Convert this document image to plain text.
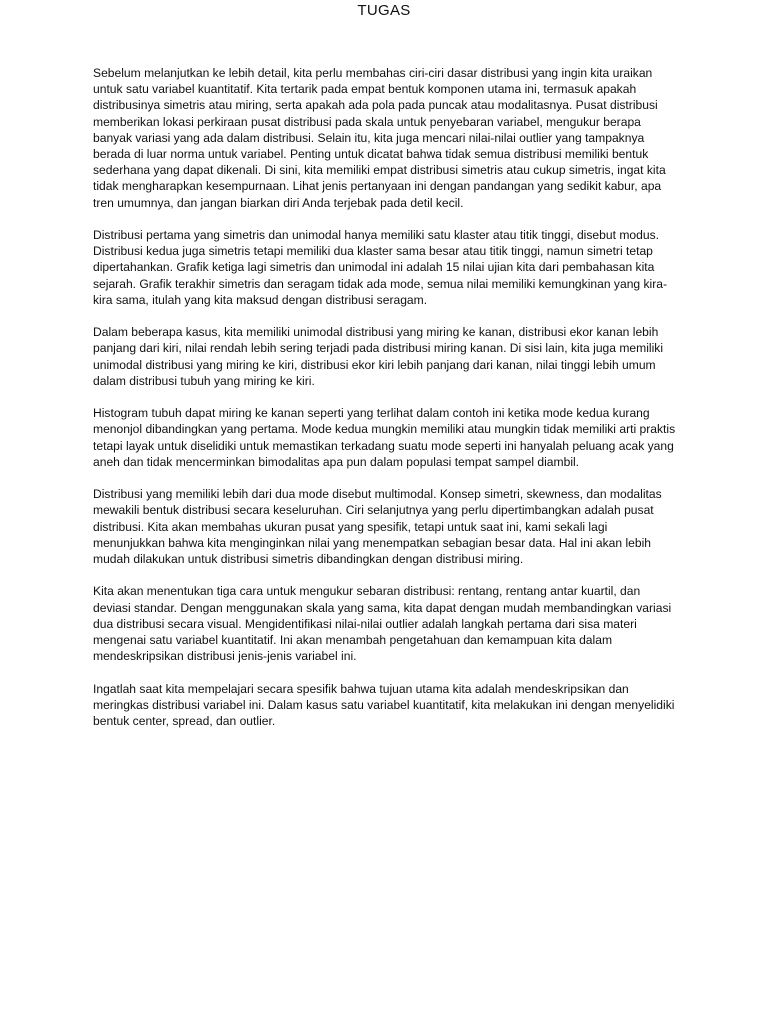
TUGAS

Sebelum melanjutkan ke lebih detail, kita perlu membahas ciri-ciri dasar distribusi yang ingin kita uraikan untuk satu variabel kuantitatif. Kita tertarik pada empat bentuk komponen utama ini, termasuk apakah distribusinya simetris atau miring, serta apakah ada pola pada puncak atau modalitasnya. Pusat distribusi memberikan lokasi perkiraan pusat distribusi pada skala untuk penyebaran variabel, mengukur berapa banyak variasi yang ada dalam distribusi. Selain itu, kita juga mencari nilai-nilai outlier yang tampaknya berada di luar norma untuk variabel. Penting untuk dicatat bahwa tidak semua distribusi memiliki bentuk sederhana yang dapat dikenali. Di sini, kita memiliki empat distribusi simetris atau cukup simetris, ingat kita tidak mengharapkan kesempurnaan. Lihat jenis pertanyaan ini dengan pandangan yang sedikit kabur, apa tren umumnya, dan jangan biarkan diri Anda terjebak pada detil kecil.

Distribusi pertama yang simetris dan unimodal hanya memiliki satu klaster atau titik tinggi, disebut modus. Distribusi kedua juga simetris tetapi memiliki dua klaster sama besar atau titik tinggi, namun simetri tetap dipertahankan. Grafik ketiga lagi simetris dan unimodal ini adalah 15 nilai ujian kita dari pembahasan kita sejarah. Grafik terakhir simetris dan seragam tidak ada mode, semua nilai memiliki kemungkinan yang kira-kira sama, itulah yang kita maksud dengan distribusi seragam.

Dalam beberapa kasus, kita memiliki unimodal distribusi yang miring ke kanan, distribusi ekor kanan lebih panjang dari kiri, nilai rendah lebih sering terjadi pada distribusi miring kanan. Di sisi lain, kita juga memiliki unimodal distribusi yang miring ke kiri, distribusi ekor kiri lebih panjang dari kanan, nilai tinggi lebih umum dalam distribusi tubuh yang miring ke kiri.

Histogram tubuh dapat miring ke kanan seperti yang terlihat dalam contoh ini ketika mode kedua kurang menonjol dibandingkan yang pertama. Mode kedua mungkin memiliki atau mungkin tidak memiliki arti praktis tetapi layak untuk diselidiki untuk memastikan terkadang suatu mode seperti ini hanyalah peluang acak yang aneh dan tidak mencerminkan bimodalitas apa pun dalam populasi tempat sampel diambil.

Distribusi yang memiliki lebih dari dua mode disebut multimodal. Konsep simetri, skewness, dan modalitas mewakili bentuk distribusi secara keseluruhan. Ciri selanjutnya yang perlu dipertimbangkan adalah pusat distribusi. Kita akan membahas ukuran pusat yang spesifik, tetapi untuk saat ini, kami sekali lagi menunjukkan bahwa kita menginginkan nilai yang menempatkan sebagian besar data. Hal ini akan lebih mudah dilakukan untuk distribusi simetris dibandingkan dengan distribusi miring.

Kita akan menentukan tiga cara untuk mengukur sebaran distribusi: rentang, rentang antar kuartil, dan deviasi standar. Dengan menggunakan skala yang sama, kita dapat dengan mudah membandingkan variasi dua distribusi secara visual. Mengidentifikasi nilai-nilai outlier adalah langkah pertama dari sisa materi mengenai satu variabel kuantitatif. Ini akan menambah pengetahuan dan kemampuan kita dalam mendeskripsikan distribusi jenis-jenis variabel ini.

Ingatlah saat kita mempelajari secara spesifik bahwa tujuan utama kita adalah mendeskripsikan dan meringkas distribusi variabel ini. Dalam kasus satu variabel kuantitatif, kita melakukan ini dengan menyelidiki bentuk center, spread, dan outlier.
